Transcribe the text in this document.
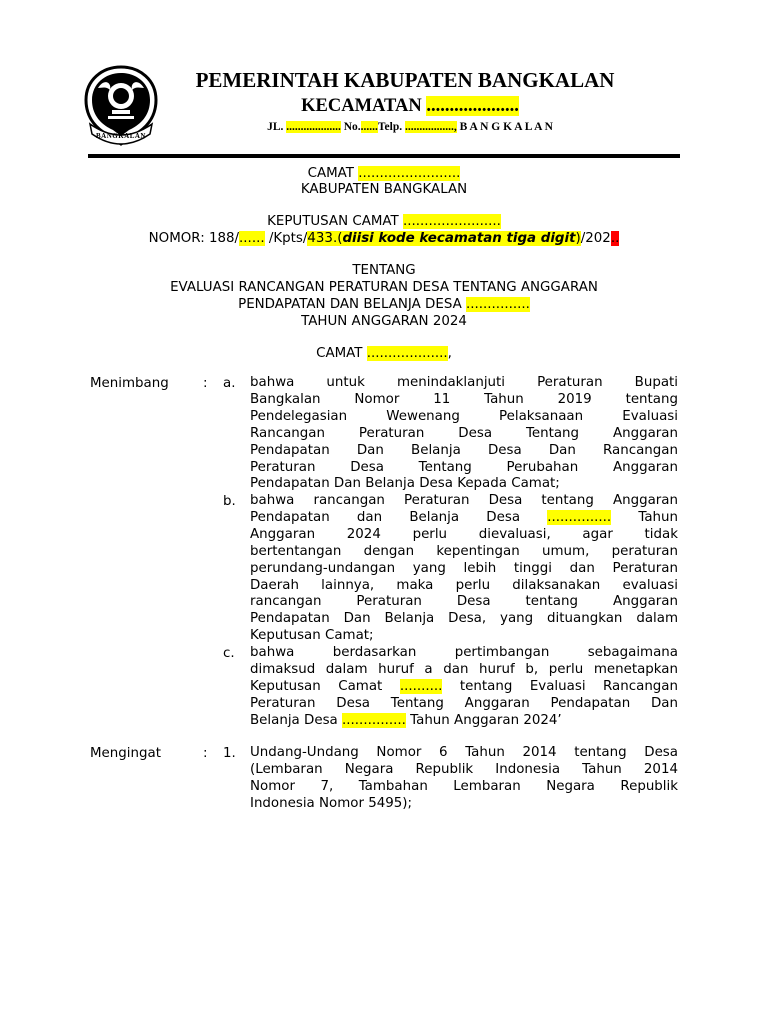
BANGKALAN
PEMERINTAH KABUPATEN BANGKALAN
KECAMATAN ....................
JL. ................... No.......Telp. ................., B A N G K A L A N
CAMAT ........................
KABUPATEN BANGKALAN
KEPUTUSAN CAMAT .......................
NOMOR: 188/...... /Kpts/433.(diisi kode kecamatan tiga digit)/202..
TENTANG
EVALUASI RANCANGAN PERATURAN DESA TENTANG ANGGARAN
PENDAPATAN DAN BELANJA DESA ...............
TAHUN ANGGARAN 2024
CAMAT ...................,
Menimbang	: a. bahwa untuk menindaklanjuti Peraturan Bupati
Bangkalan Nomor 11 Tahun 2019 tentang
Pendelegasian Wewenang Pelaksanaan Evaluasi
Rancangan Peraturan Desa Tentang Anggaran
Pendapatan Dan Belanja Desa Dan Rancangan
Peraturan Desa Tentang Perubahan Anggaran
Pendapatan Dan Belanja Desa Kepada Camat;
b. bahwa rancangan Peraturan Desa tentang Anggaran
Pendapatan dan Belanja Desa ............... Tahun
Anggaran 2024 perlu dievaluasi, agar tidak
bertentangan dengan kepentingan umum, peraturan
perundang-undangan yang lebih tinggi dan Peraturan
Daerah lainnya, maka perlu dilaksanakan evaluasi
rancangan Peraturan Desa tentang Anggaran
Pendapatan Dan Belanja Desa, yang dituangkan dalam
Keputusan Camat;
c. bahwa berdasarkan pertimbangan sebagaimana
dimaksud dalam huruf a dan huruf b, perlu menetapkan
Keputusan Camat .......... tentang Evaluasi Rancangan
Peraturan Desa Tentang Anggaran Pendapatan Dan
Belanja Desa ............... Tahun Anggaran 2024’
Mengingat	: 1. Undang-Undang Nomor 6 Tahun 2014 tentang Desa
(Lembaran Negara Republik Indonesia Tahun 2014
Nomor 7, Tambahan Lembaran Negara Republik
Indonesia Nomor 5495);
